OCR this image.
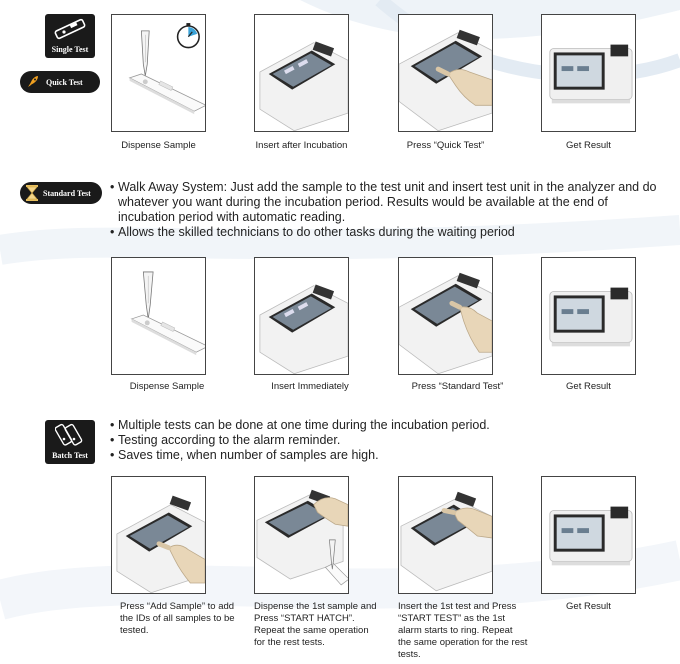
Single Test
Quick Test
Dispense Sample	Insert after Incubation	Press “Quick Test”	Get Result
Standard Test
•	Walk Away System: Just add the sample to the test unit and insert test unit in the analyzer and do whatever you want during the incubation period. Results would be available at the end of incubation period with automatic reading.
• Allows the skilled technicians to do other tasks during the waiting period
Dispense Sample	Insert Immediately	Press “Standard Test”	Get Result
Batch Test
• Multiple tests can be done at one time during the incubation period.
• Testing according to the alarm reminder.
• Saves time, when number of samples are high.
Press “Add Sample” to add the IDs of all samples to be tested.
Dispense the 1st sample and Press “START HATCH”. Repeat the same operation for the rest tests.
Insert the 1st test and Press “START TEST” as the 1st alarm starts to ring. Repeat the same operation for the rest tests.
Get Result
